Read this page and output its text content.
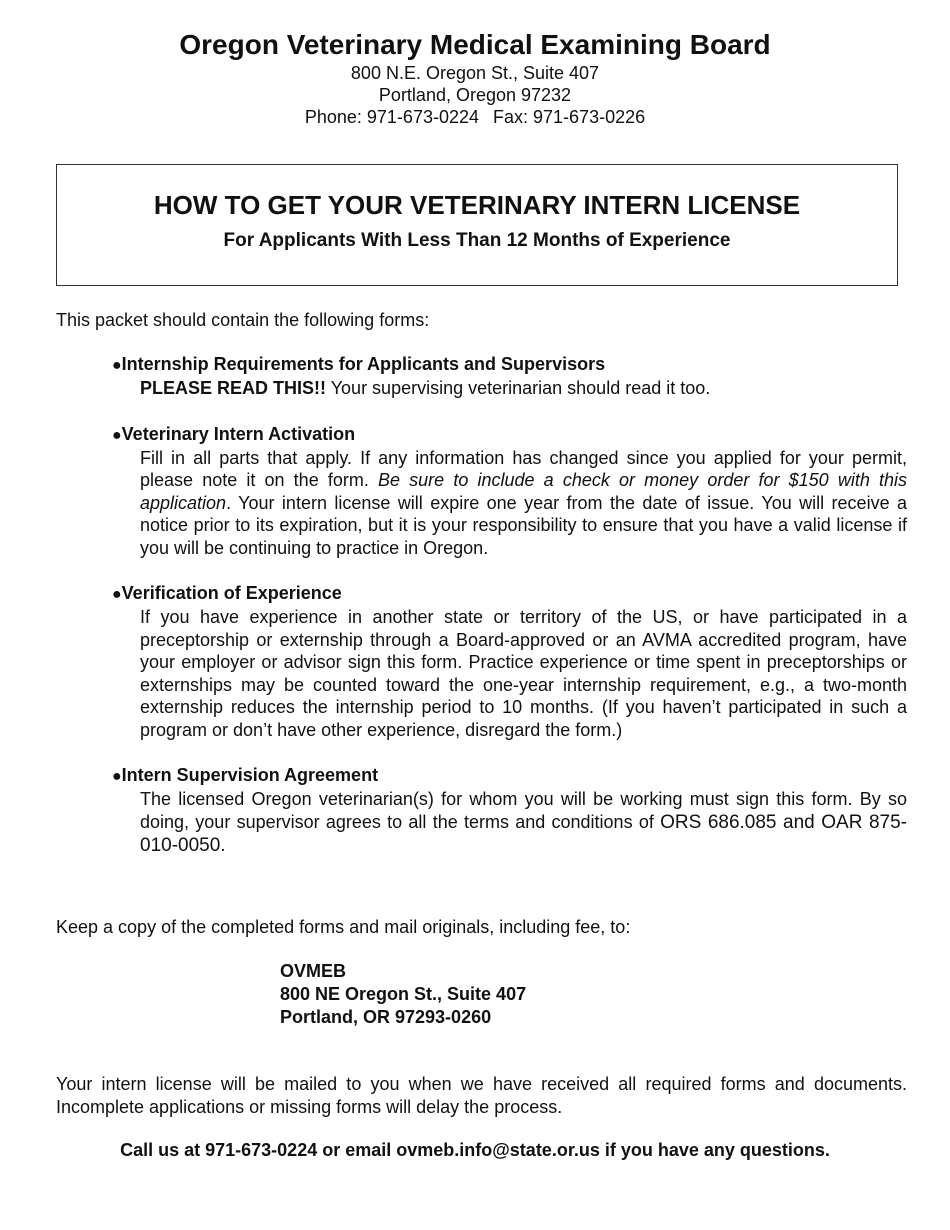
Oregon Veterinary Medical Examining Board
800 N.E. Oregon St., Suite 407
Portland, Oregon 97232
Phone: 971-673-0224 Fax: 971-673-0226
HOW TO GET YOUR VETERINARY INTERN LICENSE
For Applicants With Less Than 12 Months of Experience
This packet should contain the following forms:
●Internship Requirements for Applicants and Supervisors
PLEASE READ THIS!! Your supervising veterinarian should read it too.
●Veterinary Intern Activation
Fill in all parts that apply. If any information has changed since you applied for your permit, please note it on the form. Be sure to include a check or money order for $150 with this application. Your intern license will expire one year from the date of issue. You will receive a notice prior to its expiration, but it is your responsibility to ensure that you have a valid license if you will be continuing to practice in Oregon.
●Verification of Experience
If you have experience in another state or territory of the US, or have participated in a preceptorship or externship through a Board-approved or an AVMA accredited program, have your employer or advisor sign this form. Practice experience or time spent in preceptorships or externships may be counted toward the one-year internship requirement, e.g., a two-month externship reduces the internship period to 10 months. (If you haven’t participated in such a program or don’t have other experience, disregard the form.)
●Intern Supervision Agreement
The licensed Oregon veterinarian(s) for whom you will be working must sign this form. By so doing, your supervisor agrees to all the terms and conditions of ORS 686.085 and OAR 875-010-0050.
Keep a copy of the completed forms and mail originals, including fee, to:
OVMEB
800 NE Oregon St., Suite 407
Portland, OR 97293-0260
Your intern license will be mailed to you when we have received all required forms and documents. Incomplete applications or missing forms will delay the process.
Call us at 971-673-0224 or email ovmeb.info@state.or.us if you have any questions.
